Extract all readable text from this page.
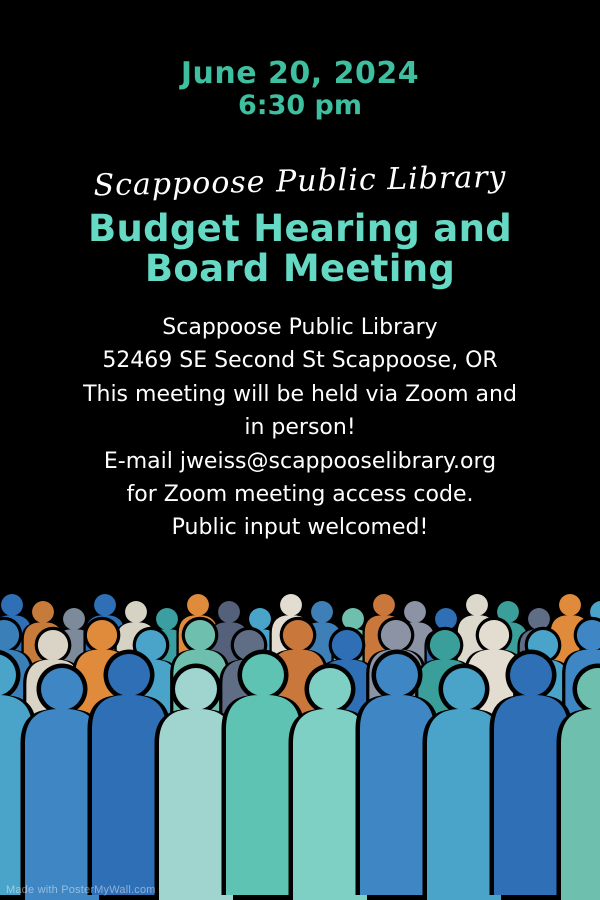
June 20, 2024
6:30 pm
Scappoose Public Library
Budget Hearing and
Board Meeting
Scappoose Public Library
52469 SE Second St Scappoose, OR
This meeting will be held via Zoom and
in person!
E-mail jweiss@scappooselibrary.org
for Zoom meeting access code.
Public input welcomed!
Made with PosterMyWall.com
